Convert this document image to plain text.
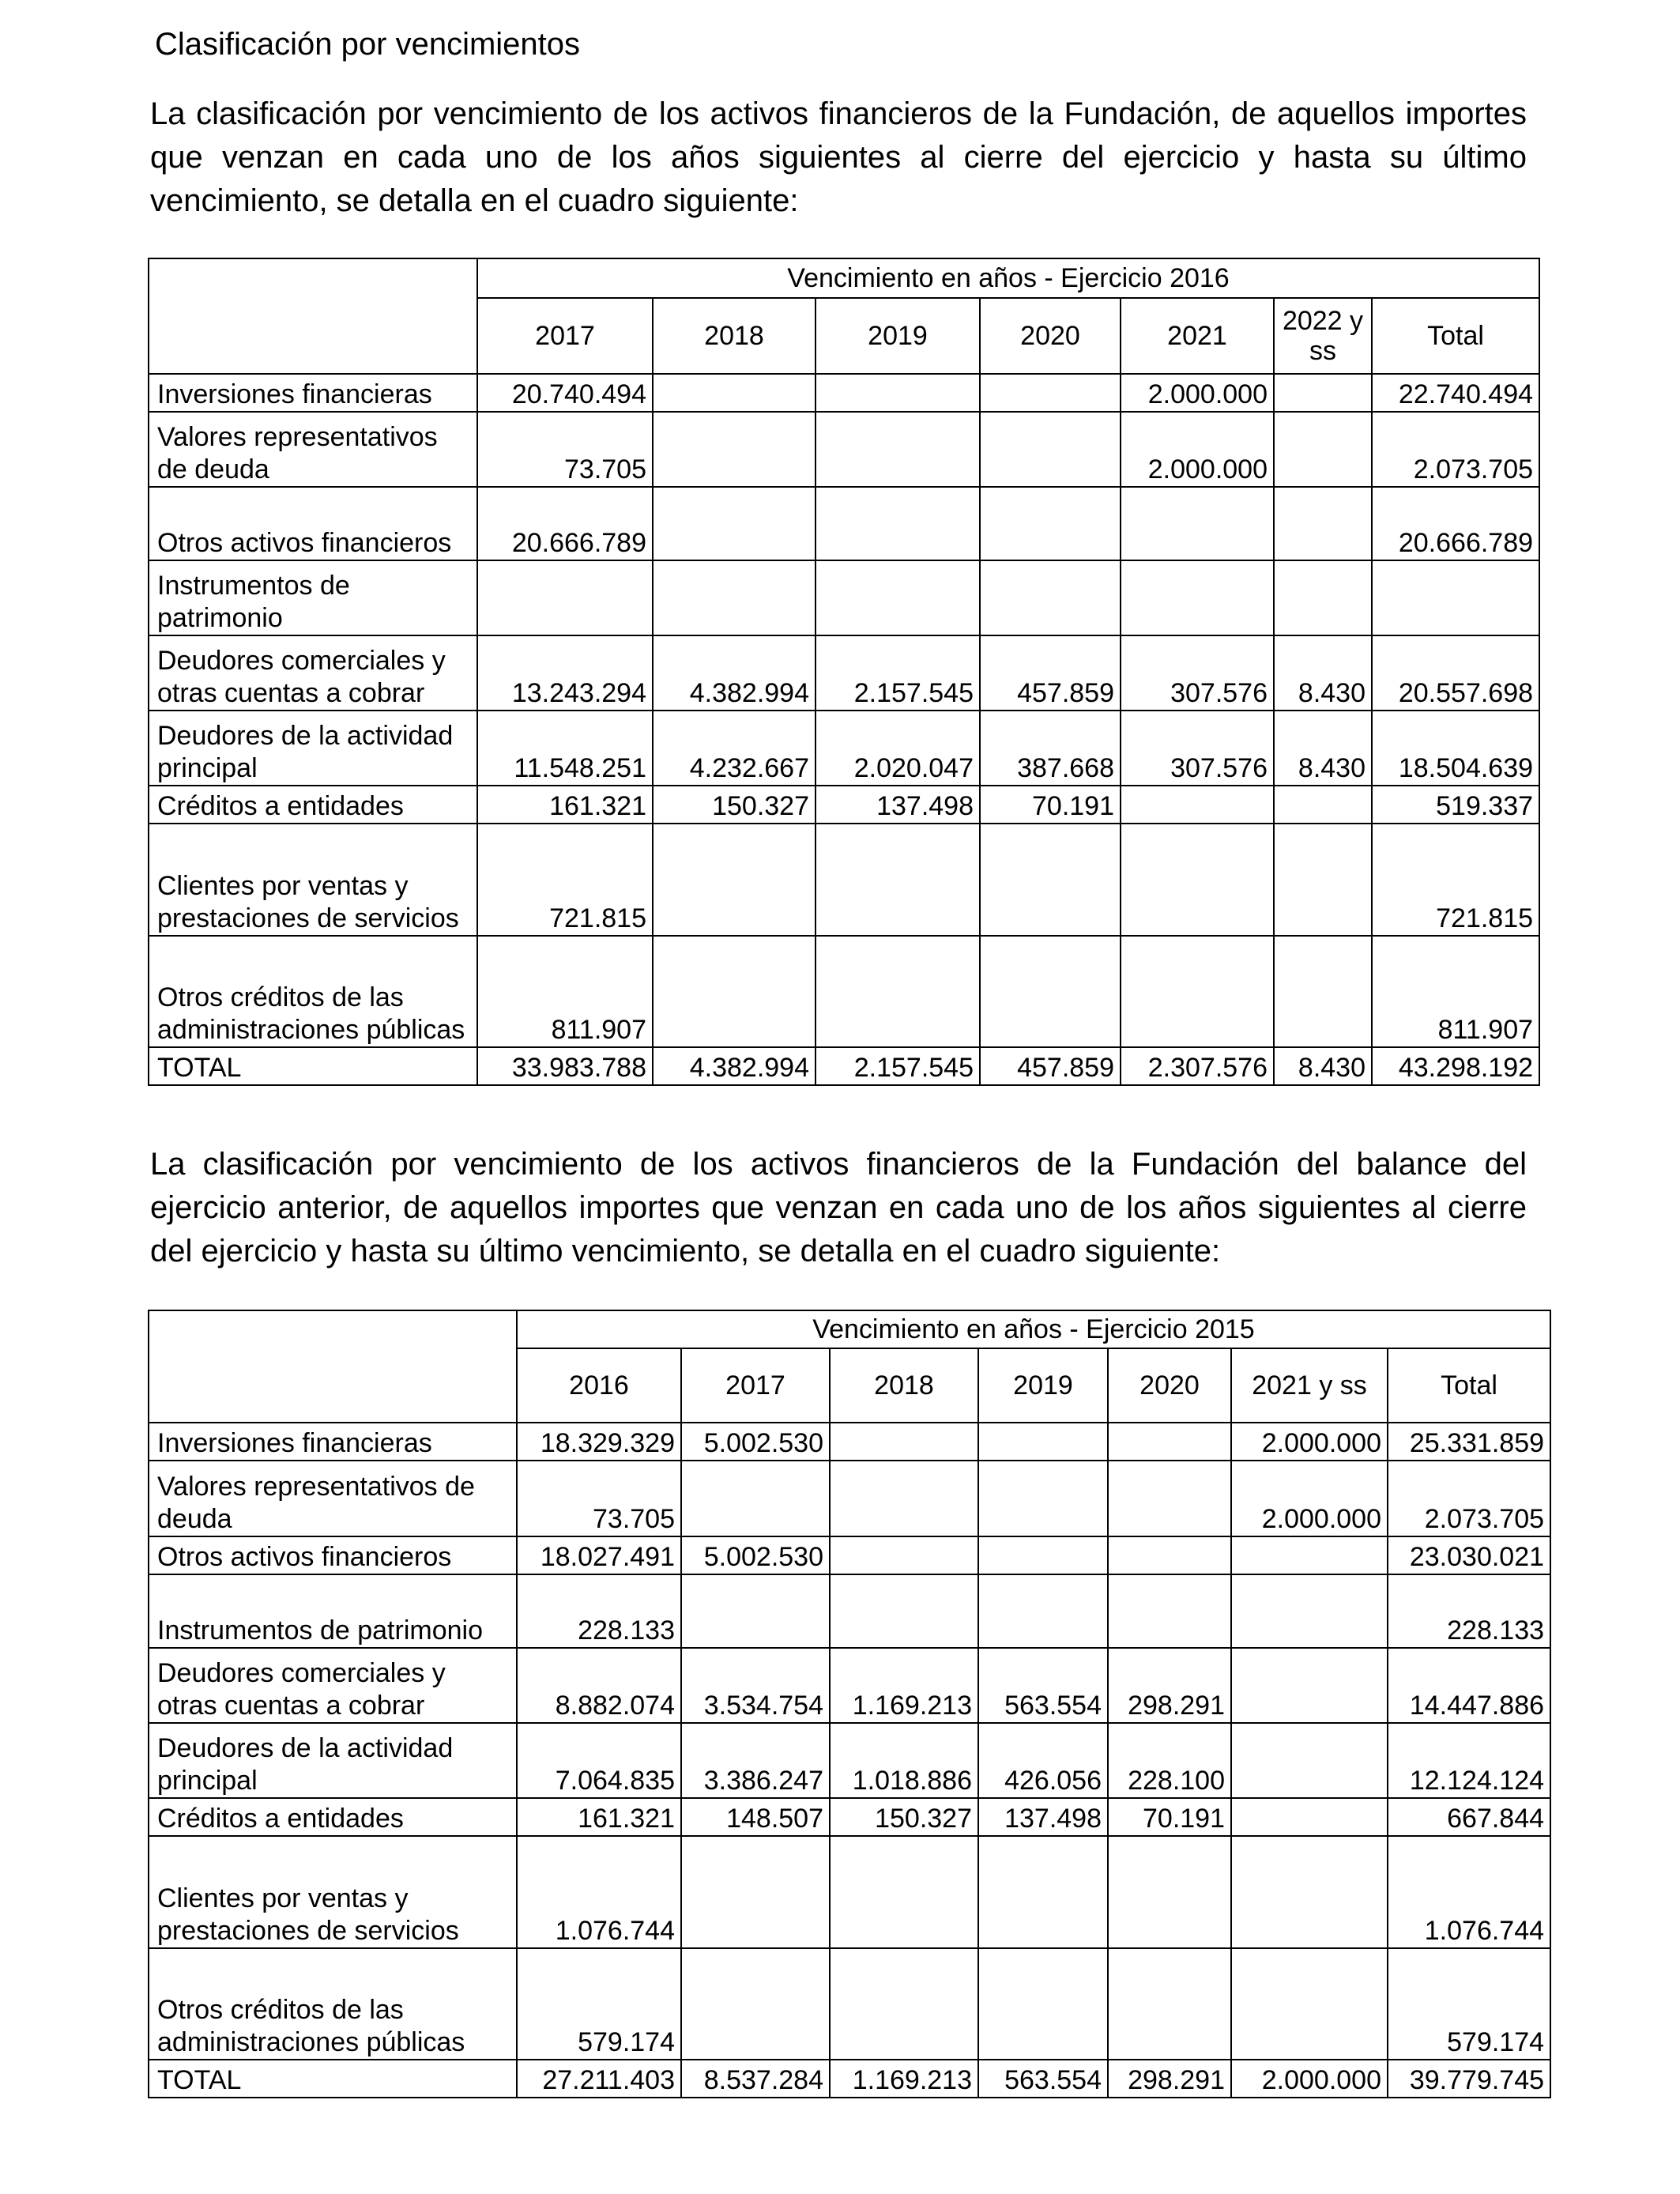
Clasificación por vencimientos

La clasificación por vencimiento de los activos financieros de la Fundación, de aquellos importes que venzan en cada uno de los años siguientes al cierre del ejercicio y hasta su último vencimiento, se detalla en el cuadro siguiente:

	Vencimiento en años - Ejercicio 2016						
	2017	2018	2019	2020	2021	2022 y ss	Total
Inversiones financieras	20.740.494				2.000.000		22.740.494
Valores representativos de deuda	73.705				2.000.000		2.073.705
Otros activos financieros	20.666.789						20.666.789
Instrumentos de patrimonio							
Deudores comerciales y otras cuentas a cobrar	13.243.294	4.382.994	2.157.545	457.859	307.576	8.430	20.557.698
Deudores de la actividad principal	11.548.251	4.232.667	2.020.047	387.668	307.576	8.430	18.504.639
Créditos a entidades	161.321	150.327	137.498	70.191			519.337
Clientes por ventas y prestaciones de servicios	721.815						721.815
Otros créditos de las administraciones públicas	811.907						811.907
TOTAL	33.983.788	4.382.994	2.157.545	457.859	2.307.576	8.430	43.298.192

La clasificación por vencimiento de los activos financieros de la Fundación del balance del ejercicio anterior, de aquellos importes que venzan en cada uno de los años siguientes al cierre del ejercicio y hasta su último vencimiento, se detalla en el cuadro siguiente:

	Vencimiento en años - Ejercicio 2015						
	2016	2017	2018	2019	2020	2021 y ss	Total
Inversiones financieras	18.329.329	5.002.530				2.000.000	25.331.859
Valores representativos de deuda	73.705					2.000.000	2.073.705
Otros activos financieros	18.027.491	5.002.530					23.030.021
Instrumentos de patrimonio	228.133						228.133
Deudores comerciales y otras cuentas a cobrar	8.882.074	3.534.754	1.169.213	563.554	298.291		14.447.886
Deudores de la actividad principal	7.064.835	3.386.247	1.018.886	426.056	228.100		12.124.124
Créditos a entidades	161.321	148.507	150.327	137.498	70.191		667.844
Clientes por ventas y prestaciones de servicios	1.076.744						1.076.744
Otros créditos de las administraciones públicas	579.174						579.174
TOTAL	27.211.403	8.537.284	1.169.213	563.554	298.291	2.000.000	39.779.745
